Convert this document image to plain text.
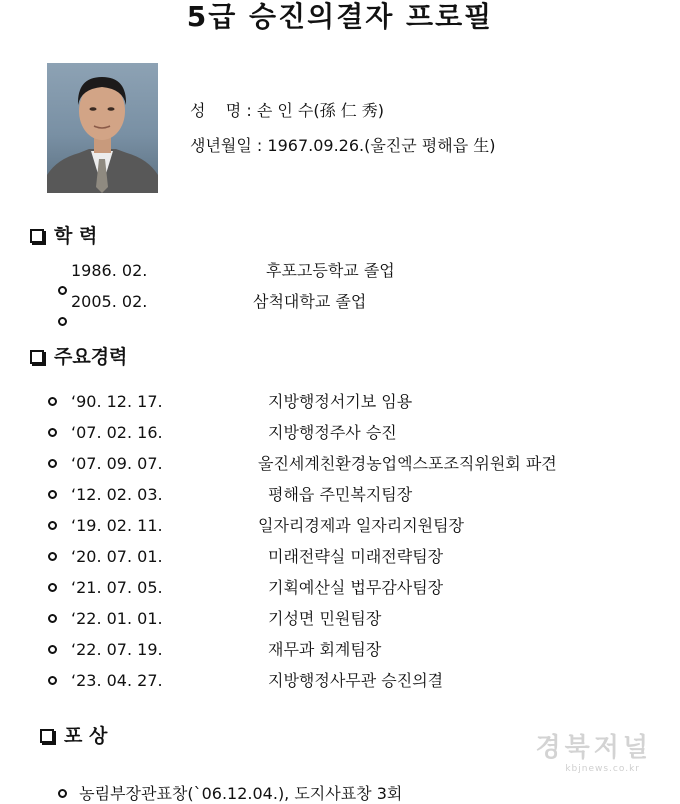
5급 승진의결자 프로필
성    명 : 손 인 수(孫 仁 秀)
생년월일 : 1967.09.26.(울진군 평해읍 生)
학 력

1986. 02.	후포고등학교 졸업

2005. 02.	삼척대학교 졸업

주요경력
‘90. 12. 17.	지방행정서기보 임용
‘07. 02. 16.	지방행정주사 승진
‘07. 09. 07.	울진세계친환경농업엑스포조직위원회 파견
‘12. 02. 03.	평해읍 주민복지팀장
‘19. 02. 11.	일자리경제과 일자리지원팀장
‘20. 07. 01.	미래전략실 미래전략팀장
‘21. 07. 05.	기획예산실 법무감사팀장
‘22. 01. 01.	기성면 민원팀장
‘22. 07. 19.	재무과 회계팀장
‘23. 04. 27.	지방행정사무관 승진의결
포 상

농림부장관표창(`06.12.04.), 도지사표창 3회

경북저널
kbjnews.co.kr
